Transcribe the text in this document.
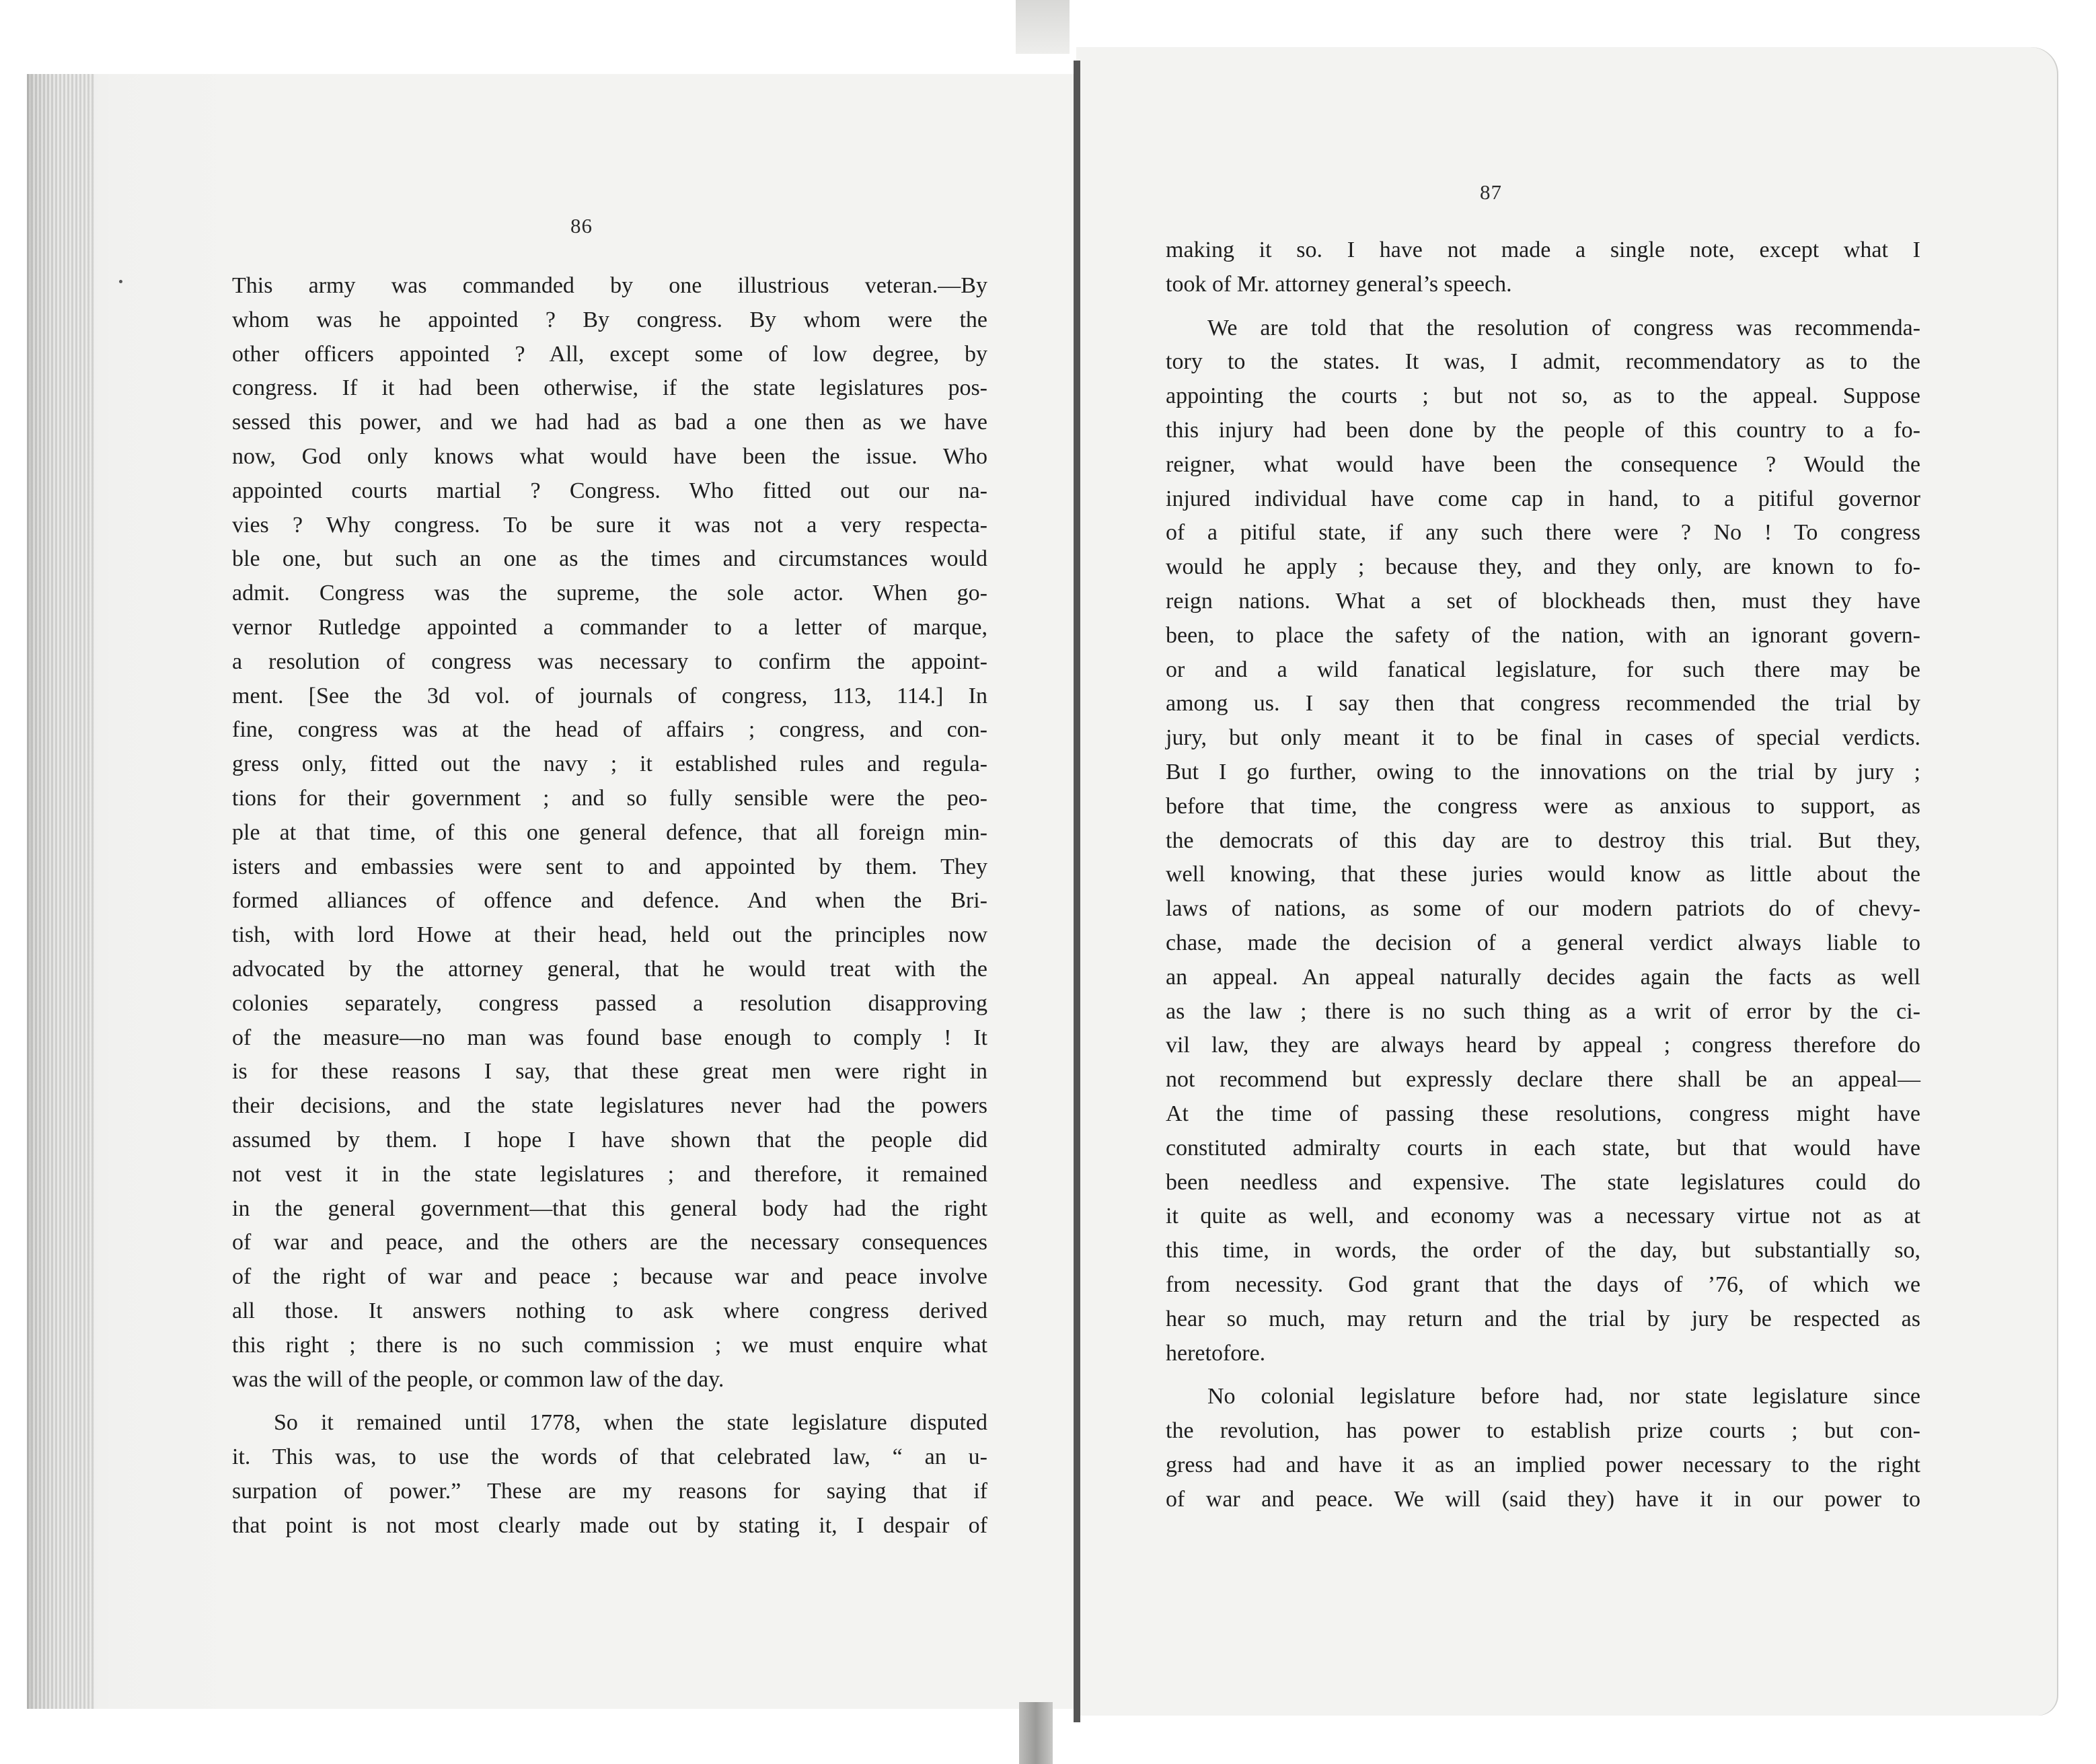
86
87
This army was commanded by one illustrious veteran.—By
whom was he appointed ? By congress. By whom were the
other officers appointed ? All, except some of low degree, by
congress. If it had been otherwise, if the state legislatures pos-
sessed this power, and we had had as bad a one then as we have
now, God only knows what would have been the issue. Who
appointed courts martial ? Congress. Who fitted out our na-
vies ? Why congress. To be sure it was not a very respecta-
ble one, but such an one as the times and circumstances would
admit. Congress was the supreme, the sole actor. When go-
vernor Rutledge appointed a commander to a letter of marque,
a resolution of congress was necessary to confirm the appoint-
ment. [See the 3d vol. of journals of congress, 113, 114.] In
fine, congress was at the head of affairs ; congress, and con-
gress only, fitted out the navy ; it established rules and regula-
tions for their government ; and so fully sensible were the peo-
ple at that time, of this one general defence, that all foreign min-
isters and embassies were sent to and appointed by them. They
formed alliances of offence and defence. And when the Bri-
tish, with lord Howe at their head, held out the principles now
advocated by the attorney general, that he would treat with the
colonies separately, congress passed a resolution disapproving
of the measure—no man was found base enough to comply ! It
is for these reasons I say, that these great men were right in
their decisions, and the state legislatures never had the powers
assumed by them. I hope I have shown that the people did
not vest it in the state legislatures ; and therefore, it remained
in the general government—that this general body had the right
of war and peace, and the others are the necessary consequences
of the right of war and peace ; because war and peace involve
all those. It answers nothing to ask where congress derived
this right ; there is no such commission ; we must enquire what
was the will of the people, or common law of the day.
So it remained until 1778, when the state legislature disputed
it. This was, to use the words of that celebrated law, “ an u-
surpation of power.” These are my reasons for saying that if
that point is not most clearly made out by stating it, I despair of
making it so. I have not made a single note, except what I
took of Mr. attorney general’s speech.
We are told that the resolution of congress was recommenda-
tory to the states. It was, I admit, recommendatory as to the
appointing the courts ; but not so, as to the appeal. Suppose
this injury had been done by the people of this country to a fo-
reigner, what would have been the consequence ? Would the
injured individual have come cap in hand, to a pitiful governor
of a pitiful state, if any such there were ? No ! To congress
would he apply ; because they, and they only, are known to fo-
reign nations. What a set of blockheads then, must they have
been, to place the safety of the nation, with an ignorant govern-
or and a wild fanatical legislature, for such there may be
among us. I say then that congress recommended the trial by
jury, but only meant it to be final in cases of special verdicts.
But I go further, owing to the innovations on the trial by jury ;
before that time, the congress were as anxious to support, as
the democrats of this day are to destroy this trial. But they,
well knowing, that these juries would know as little about the
laws of nations, as some of our modern patriots do of chevy-
chase, made the decision of a general verdict always liable to
an appeal. An appeal naturally decides again the facts as well
as the law ; there is no such thing as a writ of error by the ci-
vil law, they are always heard by appeal ; congress therefore do
not recommend but expressly declare there shall be an appeal—
At the time of passing these resolutions, congress might have
constituted admiralty courts in each state, but that would have
been needless and expensive. The state legislatures could do
it quite as well, and economy was a necessary virtue not as at
this time, in words, the order of the day, but substantially so,
from necessity. God grant that the days of ’76, of which we
hear so much, may return and the trial by jury be respected as
heretofore.
No colonial legislature before had, nor state legislature since
the revolution, has power to establish prize courts ; but con-
gress had and have it as an implied power necessary to the right
of war and peace. We will (said they) have it in our power to
